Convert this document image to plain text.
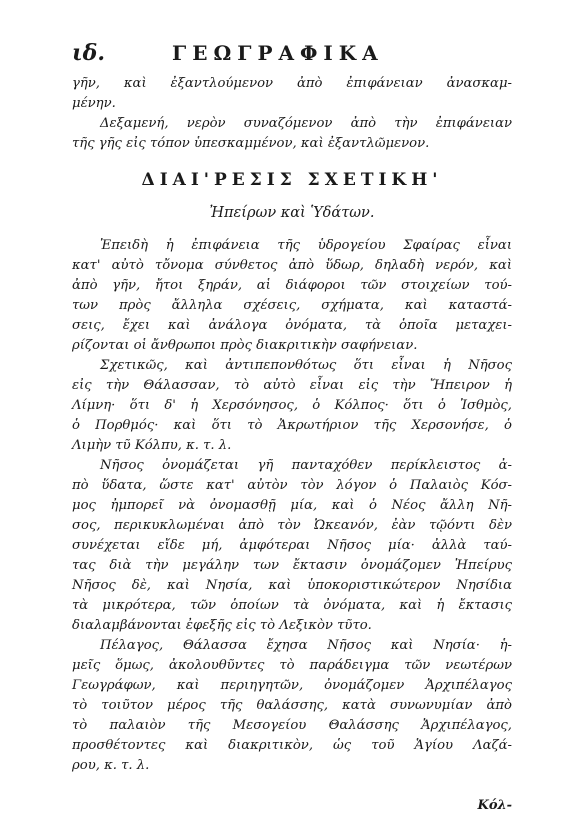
ιδ.	ΓΕΩΓΡΑΦΙΚΑ
γῆν, καὶ ἐξαντλούμενον ἀπὸ ἐπιφάνειαν ἀνασκαμ-
μένην.
Δεξαμενή, νερὸν συναζόμενον ἀπὸ τὴν ἐπιφάνειαν
τῆς γῆς εἰς τόπον ὑπεσκαμμένον, καὶ ἐξαντλῶμενον.
ΔΙΑΙ'ΡΕΣΙΣ ΣΧΕΤΙΚΗ'
Ἠπείρων καὶ Ὑδάτων.
Ἐπειδὴ ἡ ἐπιφάνεια τῆς ὑδρογείου Σφαίρας εἶναι
κατ' αὐτὸ τὄνομα σύνθετος ἀπὸ ὕδωρ, δηλαδὴ νερόν, καὶ
ἀπὸ γῆν, ἤτοι ξηράν, αἱ διάφοροι τῶν στοιχείων τού-
των πρὸς ἄλληλα σχέσεις, σχήματα, καὶ καταστά-
σεις, ἔχει καὶ ἀνάλογα ὀνόματα, τὰ ὁποῖα μεταχει-
ρίζονται οἱ ἄνθρωποι πρὸς διακριτικὴν σαφήνειαν.
Σχετικῶς, καὶ ἀντιπεπονθότως ὅτι εἶναι ἡ Νῆσος
εἰς τὴν Θάλασσαν, τὸ αὐτὸ εἶναι εἰς τὴν Ἤπειρον ἡ
Λίμνη· ὅτι δ' ἡ Χερσόνησος, ὁ Κόλπος· ὅτι ὁ Ἰσθμὸς,
ὁ Πορθμός· καὶ ὅτι τὸ Ἀκρωτήριον τῆς Χερσονήσε, ὁ
Λιμὴν τῦ Κόλπυ, κ. τ. λ.
Νῆσος ὀνομάζεται γῆ πανταχόθεν περίκλειστος ἀ-
πὸ ὕδατα, ὥστε κατ' αὐτὸν τὸν λόγον ὁ Παλαιὸς Κόσ-
μος ἠμπορεῖ νὰ ὀνομασθῇ μία, καὶ ὁ Νέος ἄλλη Νῆ-
σος, περικυκλωμέναι ἀπὸ τὸν Ὠκεανόν, ἐὰν τῷόντι δὲν
συνέχεται εἴδε μή, ἀμφότεραι Νῆσος μία· ἀλλὰ ταύ-
τας διὰ τὴν μεγάλην των ἔκτασιν ὀνομάζομεν Ἠπείρυς
Νῆσος δὲ, καὶ Νησία, καὶ ὑποκοριστικώτερον Νησίδια
τὰ μικρότερα, τῶν ὁποίων τὰ ὀνόματα, καὶ ἡ ἔκτασις
διαλαμβάνονται ἐφεξῆς εἰς τὸ Λεξικὸν τῦτο.
Πέλαγος, Θάλασσα ἔχησα Νῆσος καὶ Νησία· ἡ-
μεῖς ὅμως, ἀκολουθῦντες τὸ παράδειγμα τῶν νεωτέρων
Γεωγράφων, καὶ περιηγητῶν, ὀνομάζομεν Ἀρχιπέλαγος
τὸ τοιῦτον μέρος τῆς θαλάσσης, κατὰ συνωνυμίαν ἀπὸ
τὸ παλαιὸν τῆς Μεσογείου Θαλάσσης Ἀρχιπέλαγος,
προσθέτοντες καὶ διακριτικὸν, ὡς τοῦ Ἁγίου Λαζά-
ρου, κ. τ. λ.
Κόλ-
